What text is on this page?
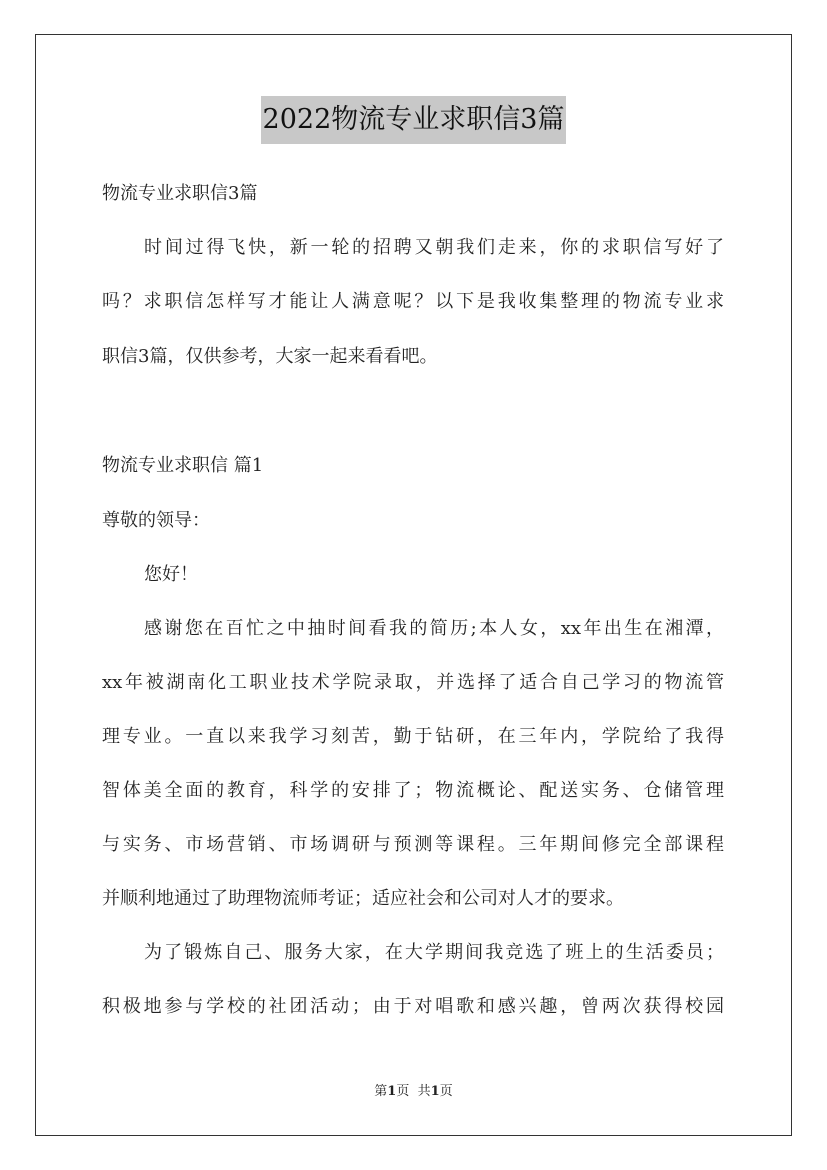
2022物流专业求职信3篇
物流专业求职信3篇
时间过得飞快，新一轮的招聘又朝我们走来，你的求职信写好了
吗？求职信怎样写才能让人满意呢？以下是我收集整理的物流专业求
职信3篇，仅供参考，大家一起来看看吧。
物流专业求职信 篇1
尊敬的领导：
您好！
感谢您在百忙之中抽时间看我的简历;本人女，xx年出生在湘潭，
xx年被湖南化工职业技术学院录取，并选择了适合自己学习的物流管
理专业。一直以来我学习刻苦，勤于钻研，在三年内，学院给了我得
智体美全面的教育，科学的安排了；物流概论、配送实务、仓储管理
与实务、市场营销、市场调研与预测等课程。三年期间修完全部课程
并顺利地通过了助理物流师考证；适应社会和公司对人才的要求。
为了锻炼自己、服务大家，在大学期间我竞选了班上的生活委员；
积极地参与学校的社团活动；由于对唱歌和感兴趣，曾两次获得校园
第1页 共1页
